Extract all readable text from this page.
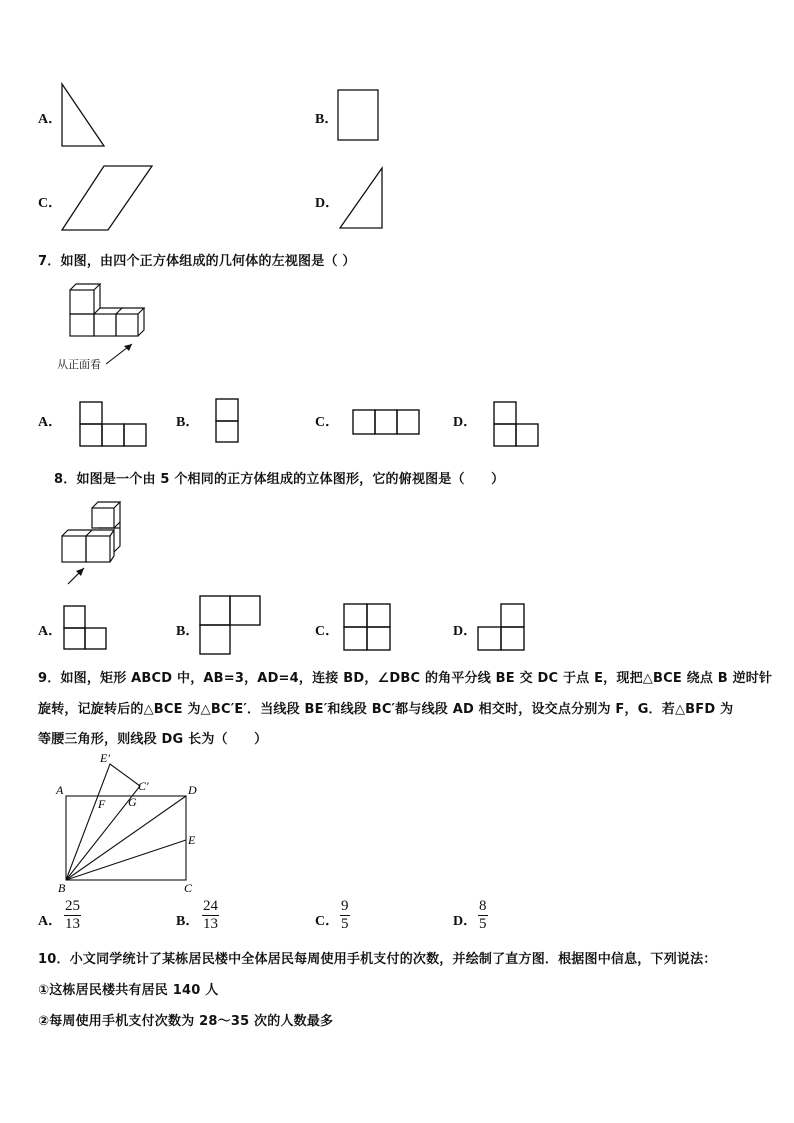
A．	B．
C．	D．
7．如图，由四个正方体组成的几何体的左视图是（ ）
从正面看
A．	B．	C．	D．
8．如图是一个由 5 个相同的正方体组成的立体图形，它的俯视图是（　　）
A．	B．	C．	D．
9．如图，矩形 ABCD 中，AB=3，AD=4，连接 BD，∠DBC 的角平分线 BE 交 DC 于点 E，现把△BCE 绕点 B 逆时针
旋转，记旋转后的△BCE 为△BC′E′．当线段 BE′和线段 BC′都与线段 AD 相交时，设交点分别为 F，G．若△BFD 为
等腰三角形，则线段 DG 长为（　　）
A	D
B	C
E
E′
C′
F G
A． $\frac{25}{13}$	B． $\frac{24}{13}$	C． $\frac{9}{5}$	D． $\frac{8}{5}$
10．小文同学统计了某栋居民楼中全体居民每周使用手机支付的次数，并绘制了直方图．根据图中信息，下列说法：
①这栋居民楼共有居民 140 人
②每周使用手机支付次数为 28～35 次的人数最多
